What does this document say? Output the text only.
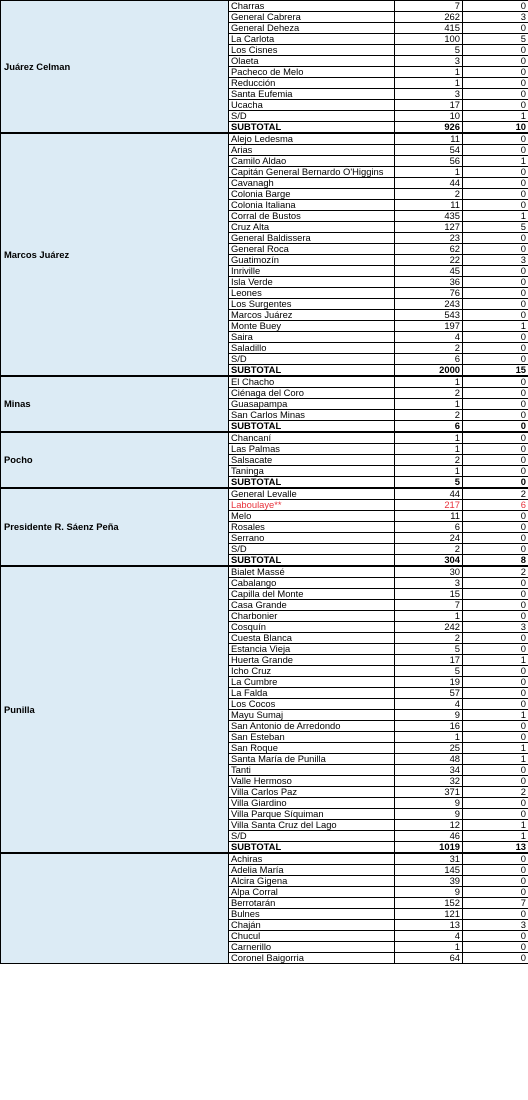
Juárez Celman	Charras	7	0
	General Cabrera	262	3
	General Deheza	415	0
	La Carlota	100	5
	Los Cisnes	5	0
	Olaeta	3	0
	Pacheco de Melo	1	0
	Reducción	1	0
	Santa Eufemia	3	0
	Ucacha	17	0
	S/D	10	1
	SUBTOTAL	926	10
Marcos Juárez	Alejo Ledesma	11	0
	Arias	54	0
	Camilo Aldao	56	1
	Capitán General Bernardo O'Higgins	1	0
	Cavanagh	44	0
	Colonia Barge	2	0
	Colonia Italiana	11	0
	Corral de Bustos	435	1
	Cruz Alta	127	5
	General Baldissera	23	0
	General Roca	62	0
	Guatimozín	22	3
	Inriville	45	0
	Isla Verde	36	0
	Leones	76	0
	Los Surgentes	243	0
	Marcos Juárez	543	0
	Monte Buey	197	1
	Saira	4	0
	Saladillo	2	0
	S/D	6	0
	SUBTOTAL	2000	15
Minas	El Chacho	1	0
	Ciénaga del Coro	2	0
	Guasapampa	1	0
	San Carlos Minas	2	0
	SUBTOTAL	6	0
Pocho	Chancaní	1	0
	Las Palmas	1	0
	Salsacate	2	0
	Taninga	1	0
	SUBTOTAL	5	0
Presidente R. Sáenz Peña	General Levalle	44	2
	Laboulaye**	217	6
	Melo	11	0
	Rosales	6	0
	Serrano	24	0
	S/D	2	0
	SUBTOTAL	304	8
Punilla	Bialet Massé	30	2
	Cabalango	3	0
	Capilla del Monte	15	0
	Casa Grande	7	0
	Charbonier	1	0
	Cosquín	242	3
	Cuesta Blanca	2	0
	Estancia Vieja	5	0
	Huerta Grande	17	1
	Icho Cruz	5	0
	La Cumbre	19	0
	La Falda	57	0
	Los Cocos	4	0
	Mayu Sumaj	9	1
	San Antonio de Arredondo	16	0
	San Esteban	1	0
	San Roque	25	1
	Santa María de Punilla	48	1
	Tanti	34	0
	Valle Hermoso	32	0
	Villa Carlos Paz	371	2
	Villa Giardino	9	0
	Villa Parque Síquiman	9	0
	Villa Santa Cruz del Lago	12	1
	S/D	46	1
	SUBTOTAL	1019	13
	Achiras	31	0
	Adelia María	145	0
	Alcira Gigena	39	0
	Alpa Corral	9	0
	Berrotarán	152	7
	Bulnes	121	0
	Chaján	13	3
	Chucul	4	0
	Carnerillo	1	0
	Coronel Baigorria	64	0
